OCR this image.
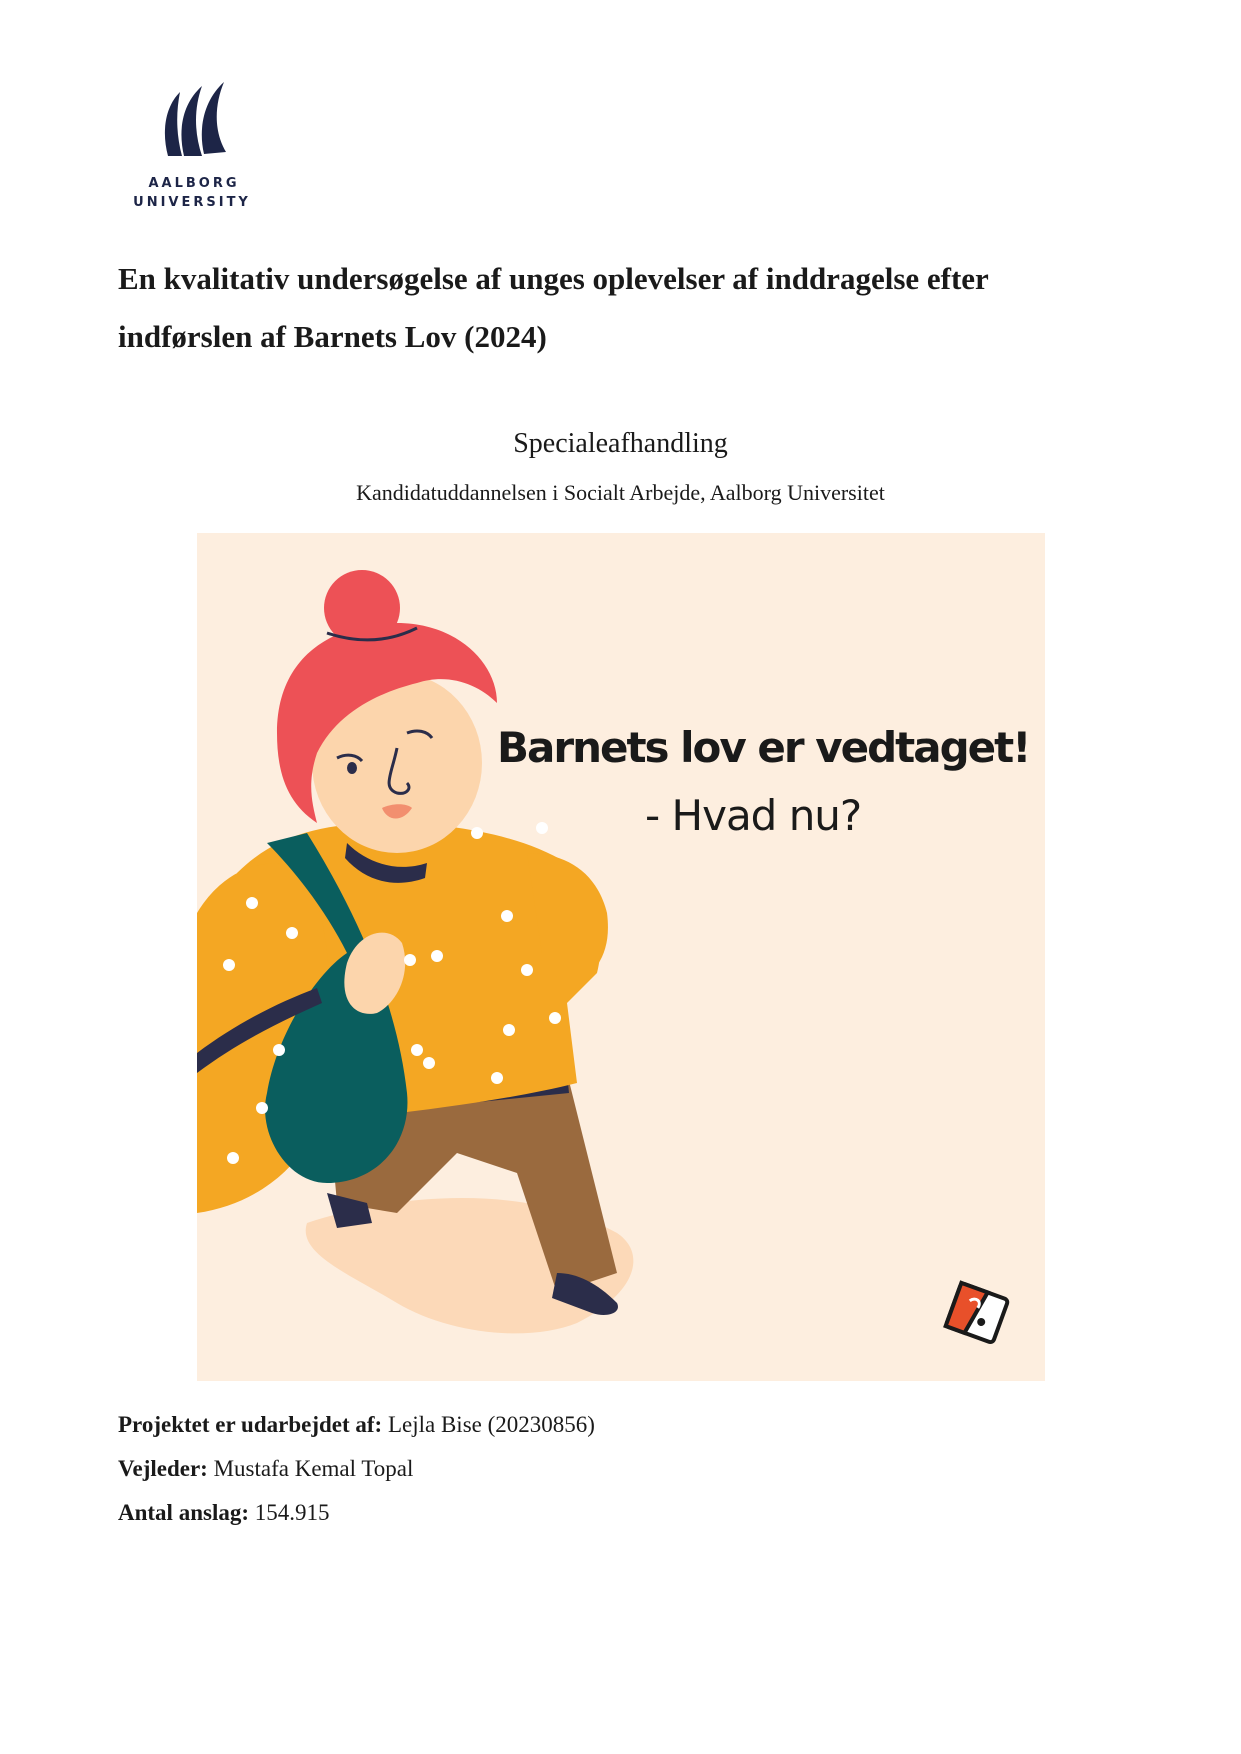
AALBORG
UNIVERSITY
En kvalitativ undersøgelse af unges oplevelser af inddragelse efter indførslen af Barnets Lov (2024)
Specialeafhandling
Kandidatuddannelsen i Socialt Arbejde, Aalborg Universitet
Barnets lov er vedtaget!
- Hvad nu?
Projektet er udarbejdet af: Lejla Bise (20230856)
Vejleder: Mustafa Kemal Topal
Antal anslag: 154.915
